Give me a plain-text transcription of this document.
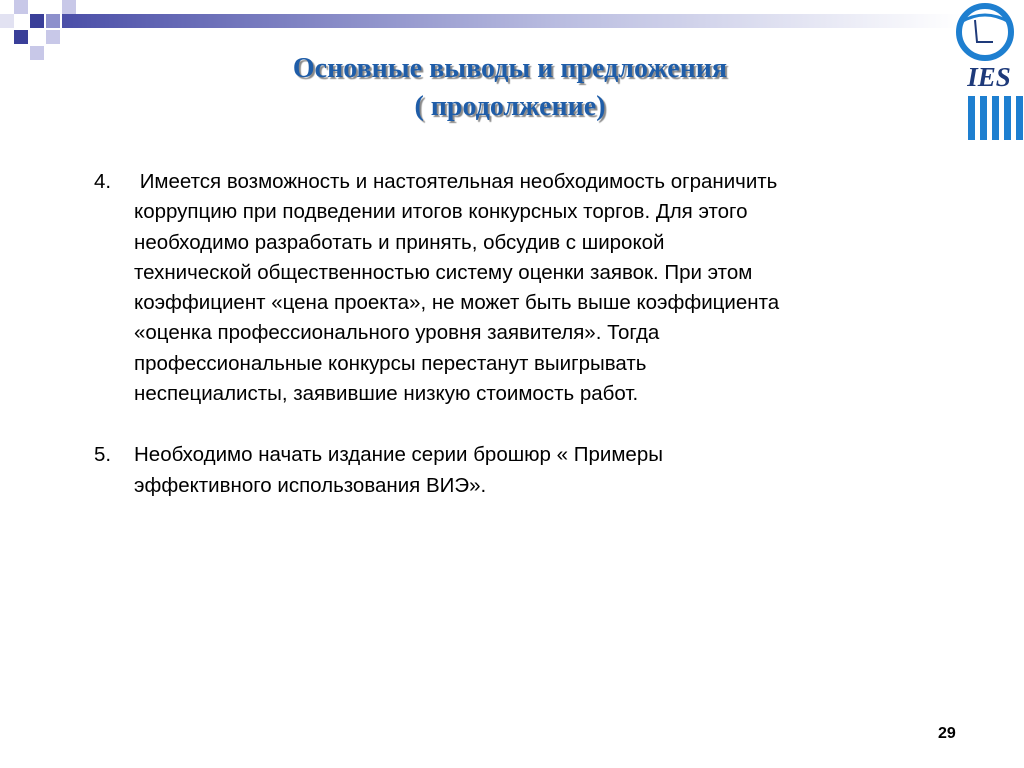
IES
Основные выводы и предложения
( продолжение)
4. Имеется возможность и настоятельная необходимость ограничить
коррупцию при подведении итогов конкурсных торгов. Для этого
необходимо разработать и принять, обсудив с широкой
технической общественностью систему оценки заявок. При этом
коэффициент «цена проекта», не может быть выше коэффициента
«оценка профессионального уровня заявителя». Тогда
профессиональные конкурсы перестанут выигрывать
неспециалисты, заявившие низкую стоимость работ.
5. Необходимо начать издание серии брошюр « Примеры
эффективного использования ВИЭ».
29
